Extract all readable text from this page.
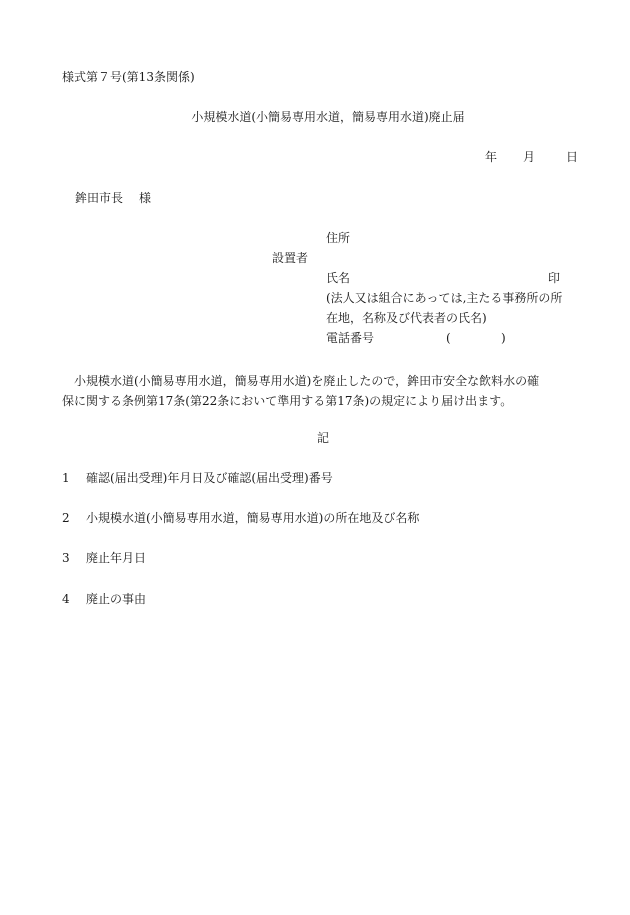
様式第７号(第13条関係)
小規模水道(小簡易専用水道，簡易専用水道)廃止届
年 月	日
鉾田市長 様
住所
設置者
氏名	印
(法人又は組合にあっては,主たる事務所の所
在地，名称及び代表者の氏名)
電話番号	(	)
小規模水道(小簡易専用水道，簡易専用水道)を廃止したので，鉾田市安全な飲料水の確
保に関する条例第17条(第22条において準用する第17条)の規定により届け出ます。
記
1 確認(届出受理)年月日及び確認(届出受理)番号
2 小規模水道(小簡易専用水道，簡易専用水道)の所在地及び名称
3 廃止年月日
4 廃止の事由
